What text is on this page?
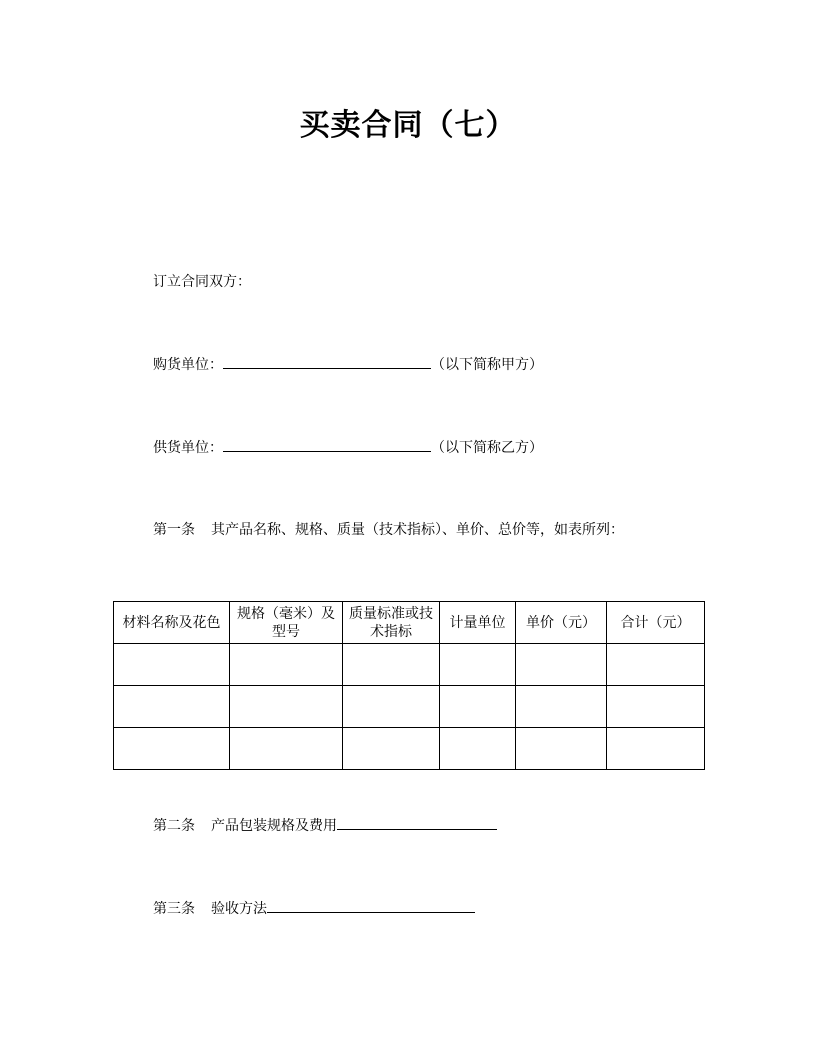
买卖合同（七）
订立合同双方：
购货单位：	（以下简称甲方）
供货单位：	（以下简称乙方）
第一条 其产品名称、规格、质量（技术指标）、单价、总价等，如表所列：
材料名称及花色	规格（毫米）及型号	质量标准或技术指标	计量单位	单价（元）	合计（元）

第二条 产品包装规格及费用
第三条 验收方法
